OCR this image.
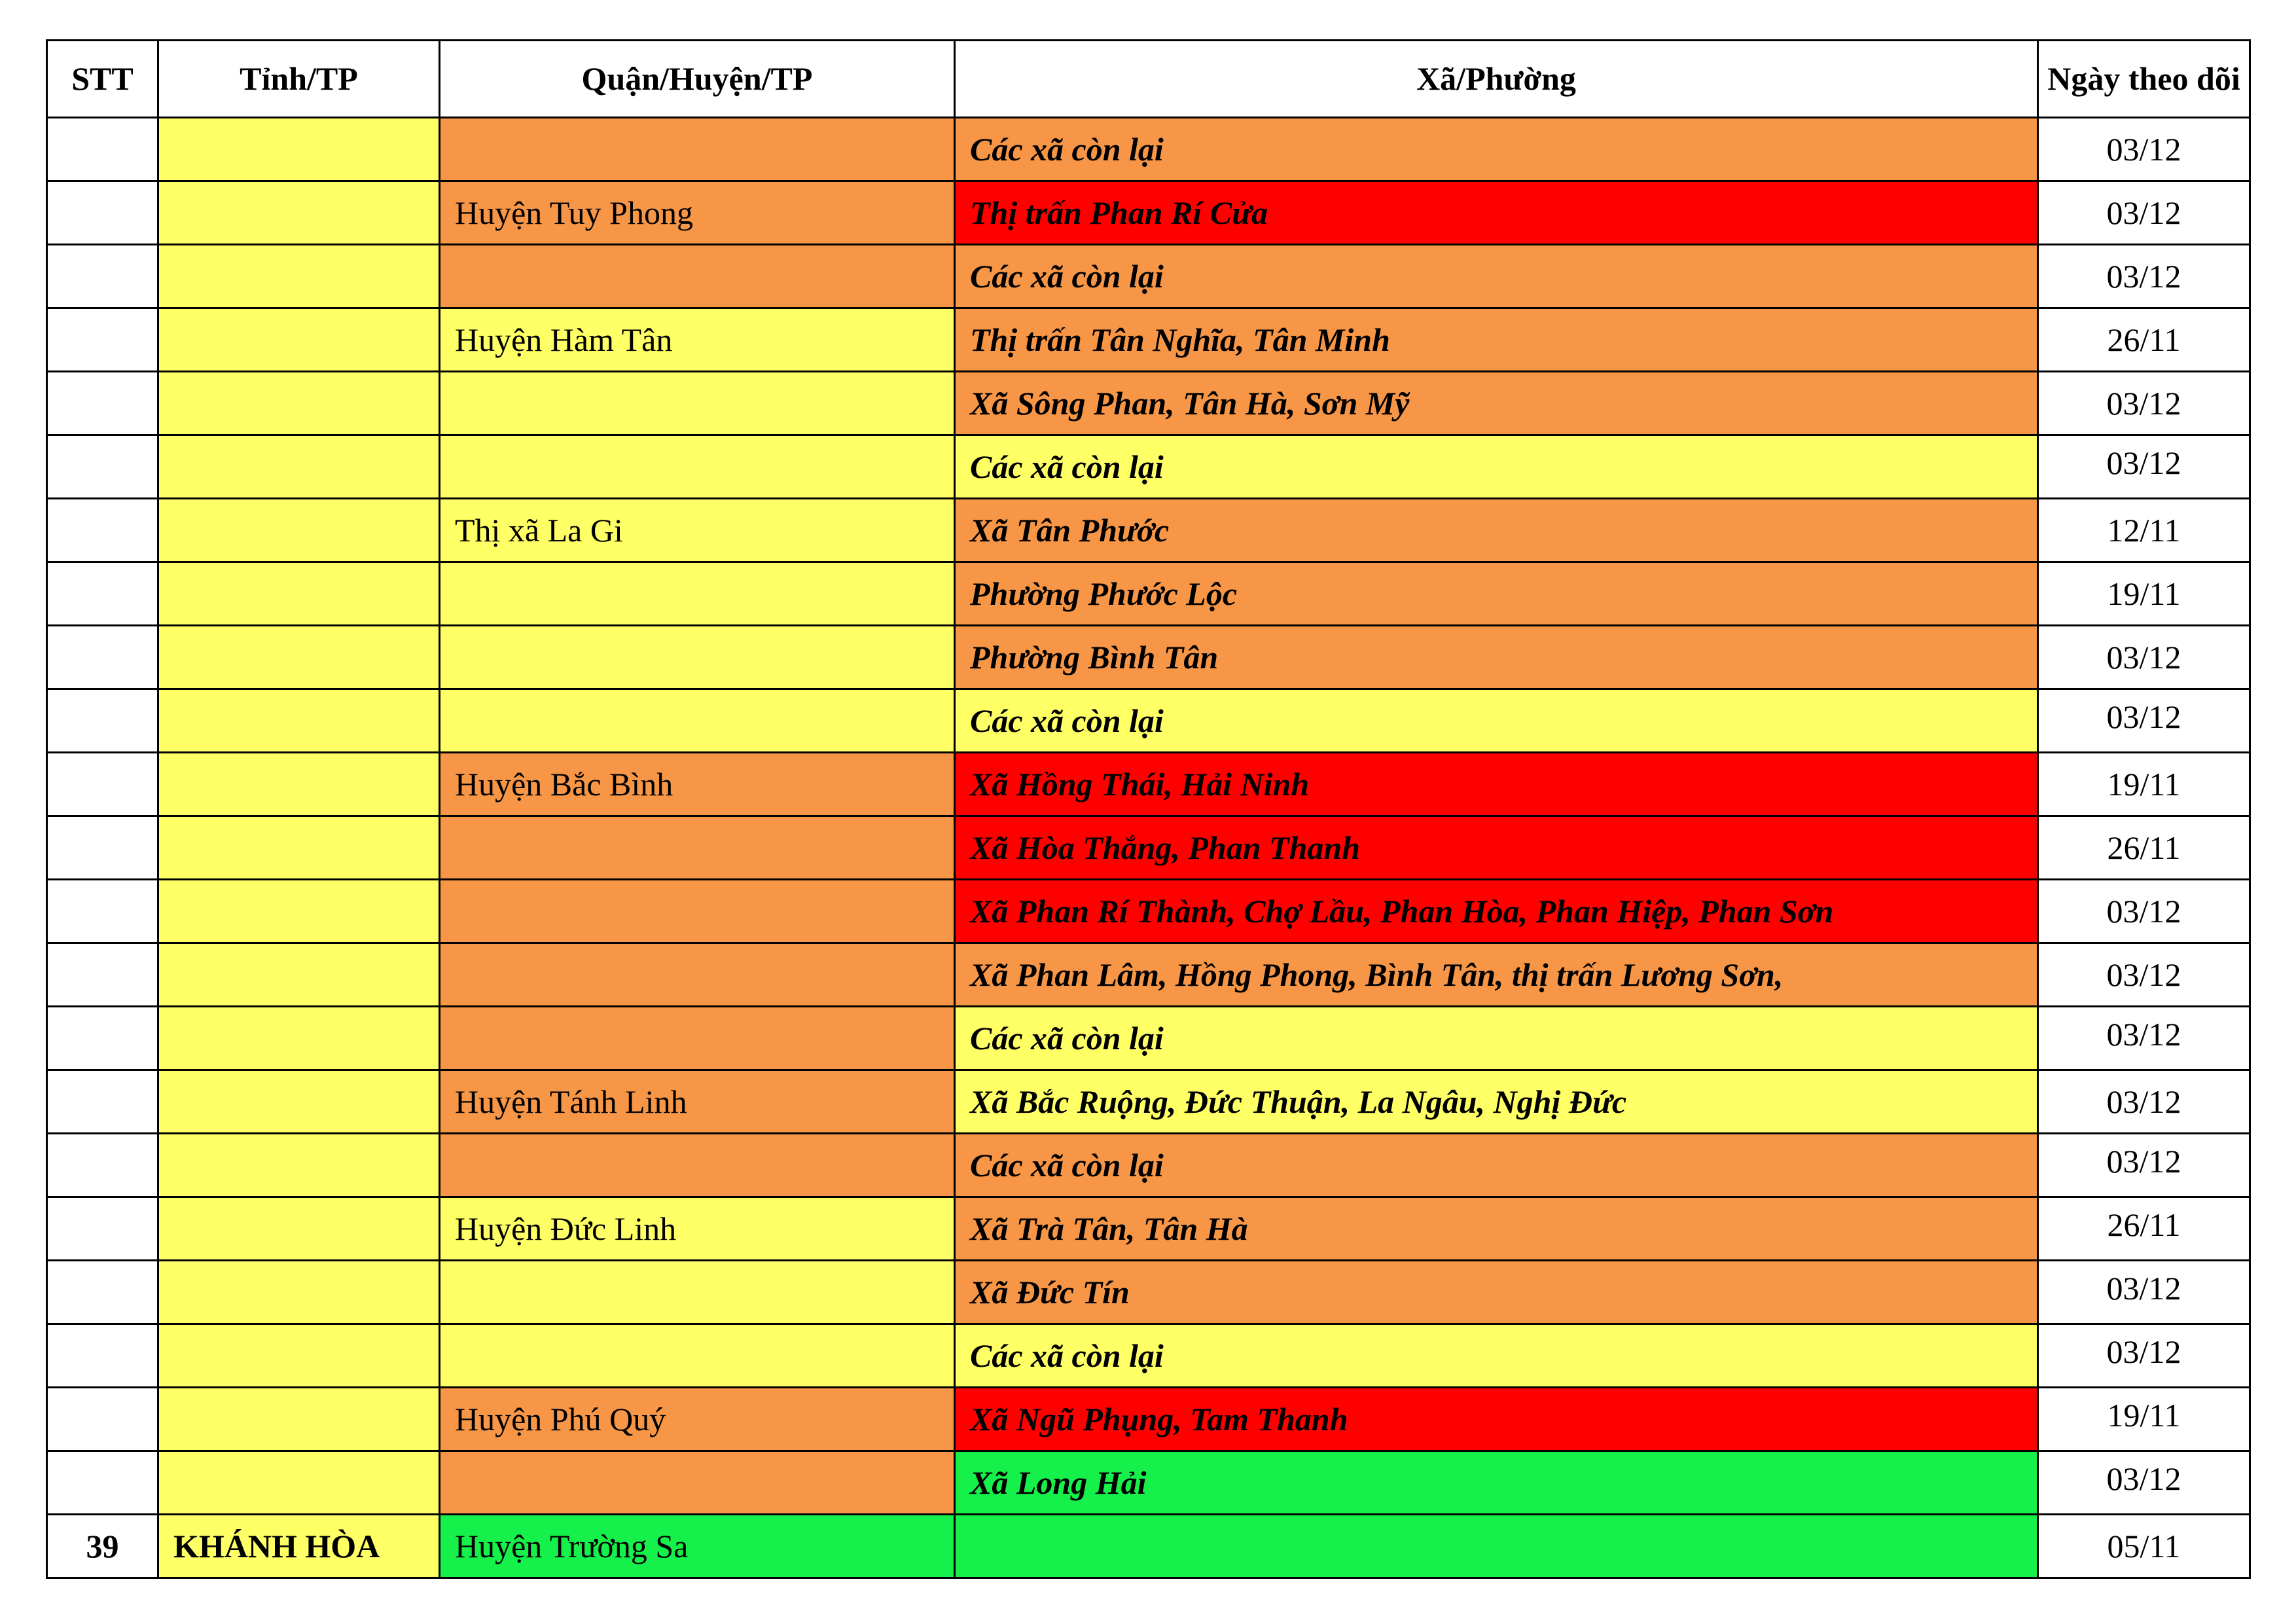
STT	Tỉnh/TP	Quận/Huyện/TP	Xã/Phường	Ngày theo dõi
			Các xã còn lại	03/12
		Huyện Tuy Phong	Thị trấn Phan Rí Cửa	03/12
			Các xã còn lại	03/12
		Huyện Hàm Tân	Thị trấn Tân Nghĩa, Tân Minh	26/11
			Xã Sông Phan, Tân Hà, Sơn Mỹ	03/12
			Các xã còn lại	03/12
		Thị xã La Gi	Xã Tân Phước	12/11
			Phường Phước Lộc	19/11
			Phường Bình Tân	03/12
			Các xã còn lại	03/12
		Huyện Bắc Bình	Xã Hồng Thái, Hải Ninh	19/11
			Xã Hòa Thắng, Phan Thanh	26/11
			Xã Phan Rí Thành, Chợ Lầu, Phan Hòa, Phan Hiệp, Phan Sơn	03/12
			Xã Phan Lâm, Hồng Phong, Bình Tân, thị trấn Lương Sơn,	03/12
			Các xã còn lại	03/12
		Huyện Tánh Linh	Xã Bắc Ruộng, Đức Thuận, La Ngâu, Nghị Đức	03/12
			Các xã còn lại	03/12
		Huyện Đức Linh	Xã Trà Tân, Tân Hà	26/11
			Xã Đức Tín	03/12
			Các xã còn lại	03/12
		Huyện Phú Quý	Xã Ngũ Phụng, Tam Thanh	19/11
			Xã Long Hải	03/12
39	KHÁNH HÒA	Huyện Trường Sa		05/11
